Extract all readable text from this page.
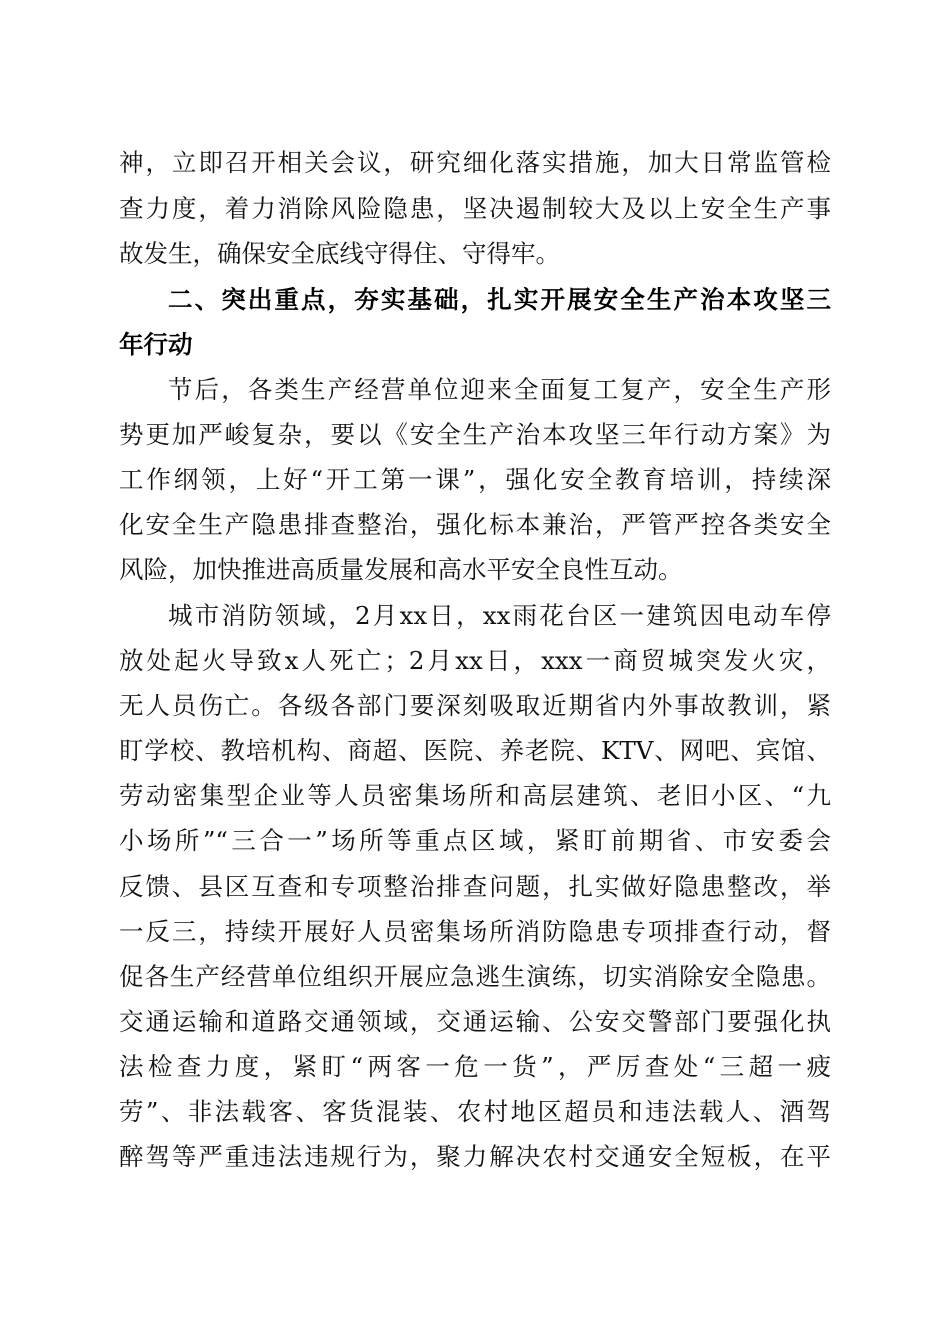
神，立即召开相关会议，研究细化落实措施，加大日常监管检
查力度，着力消除风险隐患，坚决遏制较大及以上安全生产事
故发生，确保安全底线守得住、守得牢。
二、突出重点，夯实基础，扎实开展安全生产治本攻坚三
年行动
节后，各类生产经营单位迎来全面复工复产，安全生产形
势更加严峻复杂，要以《安全生产治本攻坚三年行动方案》为
工作纲领，上好“开工第一课”，强化安全教育培训，持续深
化安全生产隐患排查整治，强化标本兼治，严管严控各类安全
风险，加快推进高质量发展和高水平安全良性互动。
城市消防领域，2月xx日，xx雨花台区一建筑因电动车停
放处起火导致x人死亡；2月xx日，xxx一商贸城突发火灾，
无人员伤亡。各级各部门要深刻吸取近期省内外事故教训，紧
盯学校、教培机构、商超、医院、养老院、KTV、网吧、宾馆、
劳动密集型企业等人员密集场所和高层建筑、老旧小区、“九
小场所”“三合一”场所等重点区域，紧盯前期省、市安委会
反馈、县区互查和专项整治排查问题，扎实做好隐患整改，举
一反三，持续开展好人员密集场所消防隐患专项排查行动，督
促各生产经营单位组织开展应急逃生演练，切实消除安全隐患。
交通运输和道路交通领域，交通运输、公安交警部门要强化执
法检查力度，紧盯“两客一危一货”，严厉查处“三超一疲
劳”、非法载客、客货混装、农村地区超员和违法载人、酒驾
醉驾等严重违法违规行为，聚力解决农村交通安全短板，在平
